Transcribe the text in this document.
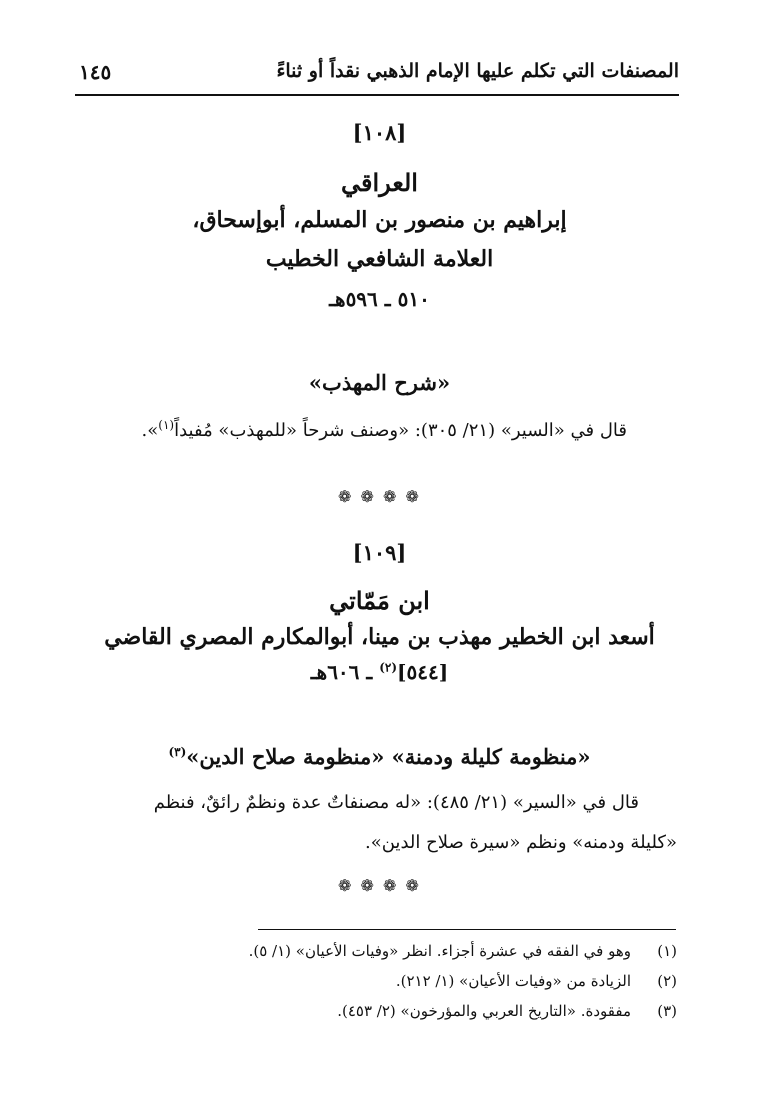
المصنفات التي تكلم عليها الإمام الذهبي نقداً أو ثناءً
١٤٥
[١٠٨]
العراقي
إبراهيم بن منصور بن المسلم، أبوإسحاق،
العلامة الشافعي الخطيب
٥١٠ ـ ٥٩٦هـ
«شرح المهذب»
قال في «السير» (٢١/ ٣٠٥): «وصنف شرحاً «للمهذب» مُفيداً$^{(١)}$».
❁ ❁ ❁ ❁
[١٠٩]
ابن مَمّاتي
أسعد ابن الخطير مهذب بن مينا، أبوالمكارم المصري القاضي
[٥٤٤]$^{(٢)}$ ـ ٦٠٦هـ
«منظومة كليلة ودمنة» «منظومة صلاح الدين»$^{(٣)}$
قال في «السير» (٢١/ ٤٨٥): «له مصنفاتٌ عدة ونظمٌ رائقٌ، فنظم
«كليلة ودمنه» ونظم «سيرة صلاح الدين».
❁ ❁ ❁ ❁
(١)وهو في الفقه في عشرة أجزاء. انظر «وفيات الأعيان» (١/ ٥).
(٢)الزيادة من «وفيات الأعيان» (١/ ٢١٢).
(٣)مفقودة. «التاريخ العربي والمؤرخون» (٢/ ٤٥٣).
